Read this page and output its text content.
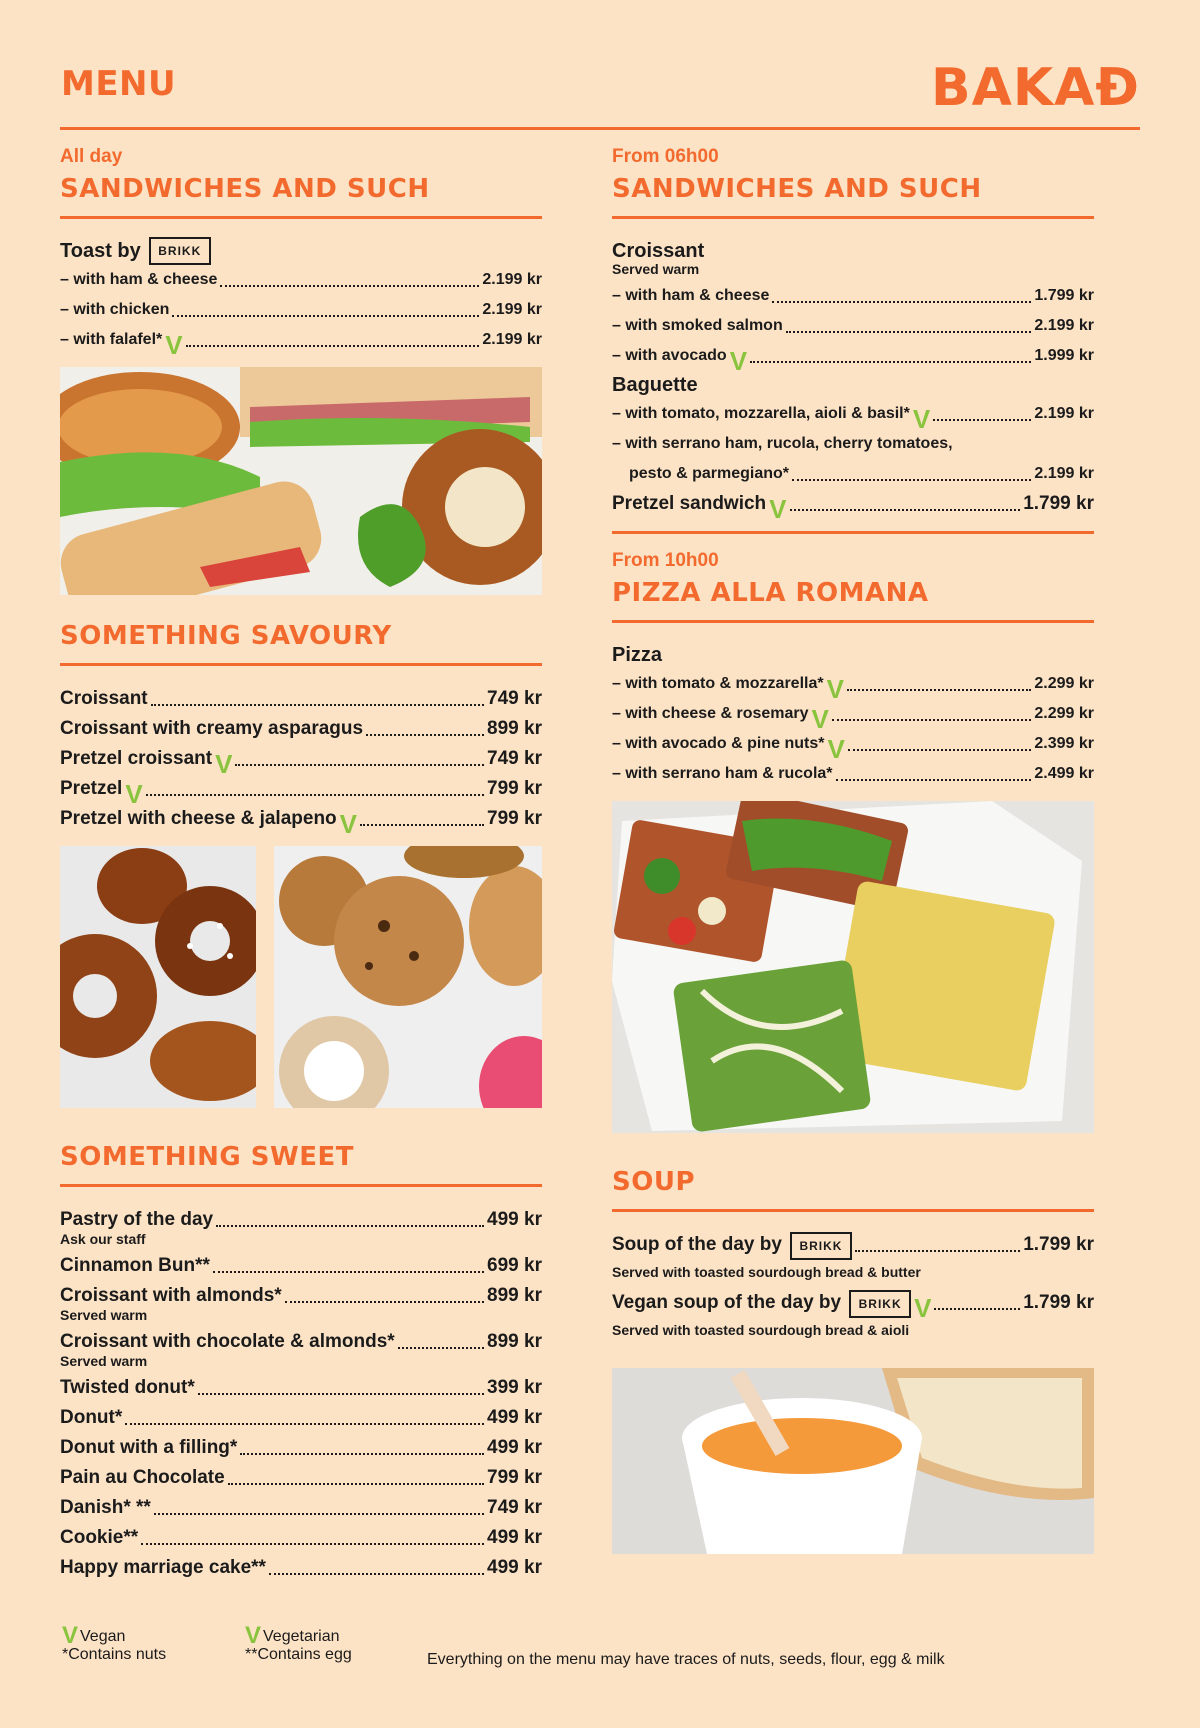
MENU	BAKAÐ
All day
SANDWICHES AND SUCH
Toast by BRIKK
– with ham & cheese	2.199 kr
– with chicken	2.199 kr
– with falafel* V	2.199 kr
SOMETHING SAVOURY
Croissant	749 kr
Croissant with creamy asparagus	899 kr
Pretzel croissant V	749 kr
Pretzel V	799 kr
Pretzel with cheese & jalapeno V	799 kr
SOMETHING SWEET
Pastry of the day	499 kr
Ask our staff
Cinnamon Bun**	699 kr
Croissant with almonds*	899 kr
Served warm
Croissant with chocolate & almonds*	899 kr
Served warm
Twisted donut*	399 kr
Donut*	499 kr
Donut with a filling*	499 kr
Pain au Chocolate	799 kr
Danish* **	749 kr
Cookie**	499 kr
Happy marriage cake**	499 kr
From 06h00
SANDWICHES AND SUCH
Croissant
Served warm
– with ham & cheese	1.799 kr
– with smoked salmon	2.199 kr
– with avocado V	1.999 kr
Baguette
– with tomato, mozzarella, aioli & basil* V	2.199 kr
– with serrano ham, rucola, cherry tomatoes,
pesto & parmegiano*	2.199 kr
Pretzel sandwich V	1.799 kr
From 10h00
PIZZA ALLA ROMANA
Pizza
– with tomato & mozzarella* V	2.299 kr
– with cheese & rosemary V	2.299 kr
– with avocado & pine nuts* V	2.399 kr
– with serrano ham & rucola*	2.499 kr
SOUP
Soup of the day by BRIKK	1.799 kr
Served with toasted sourdough bread & butter
Vegan soup of the day by BRIKK V	1.799 kr
Served with toasted sourdough bread & aioli
V Vegan
*Contains nuts
V Vegetarian
**Contains egg	Everything on the menu may have traces of nuts, seeds, flour, egg & milk
